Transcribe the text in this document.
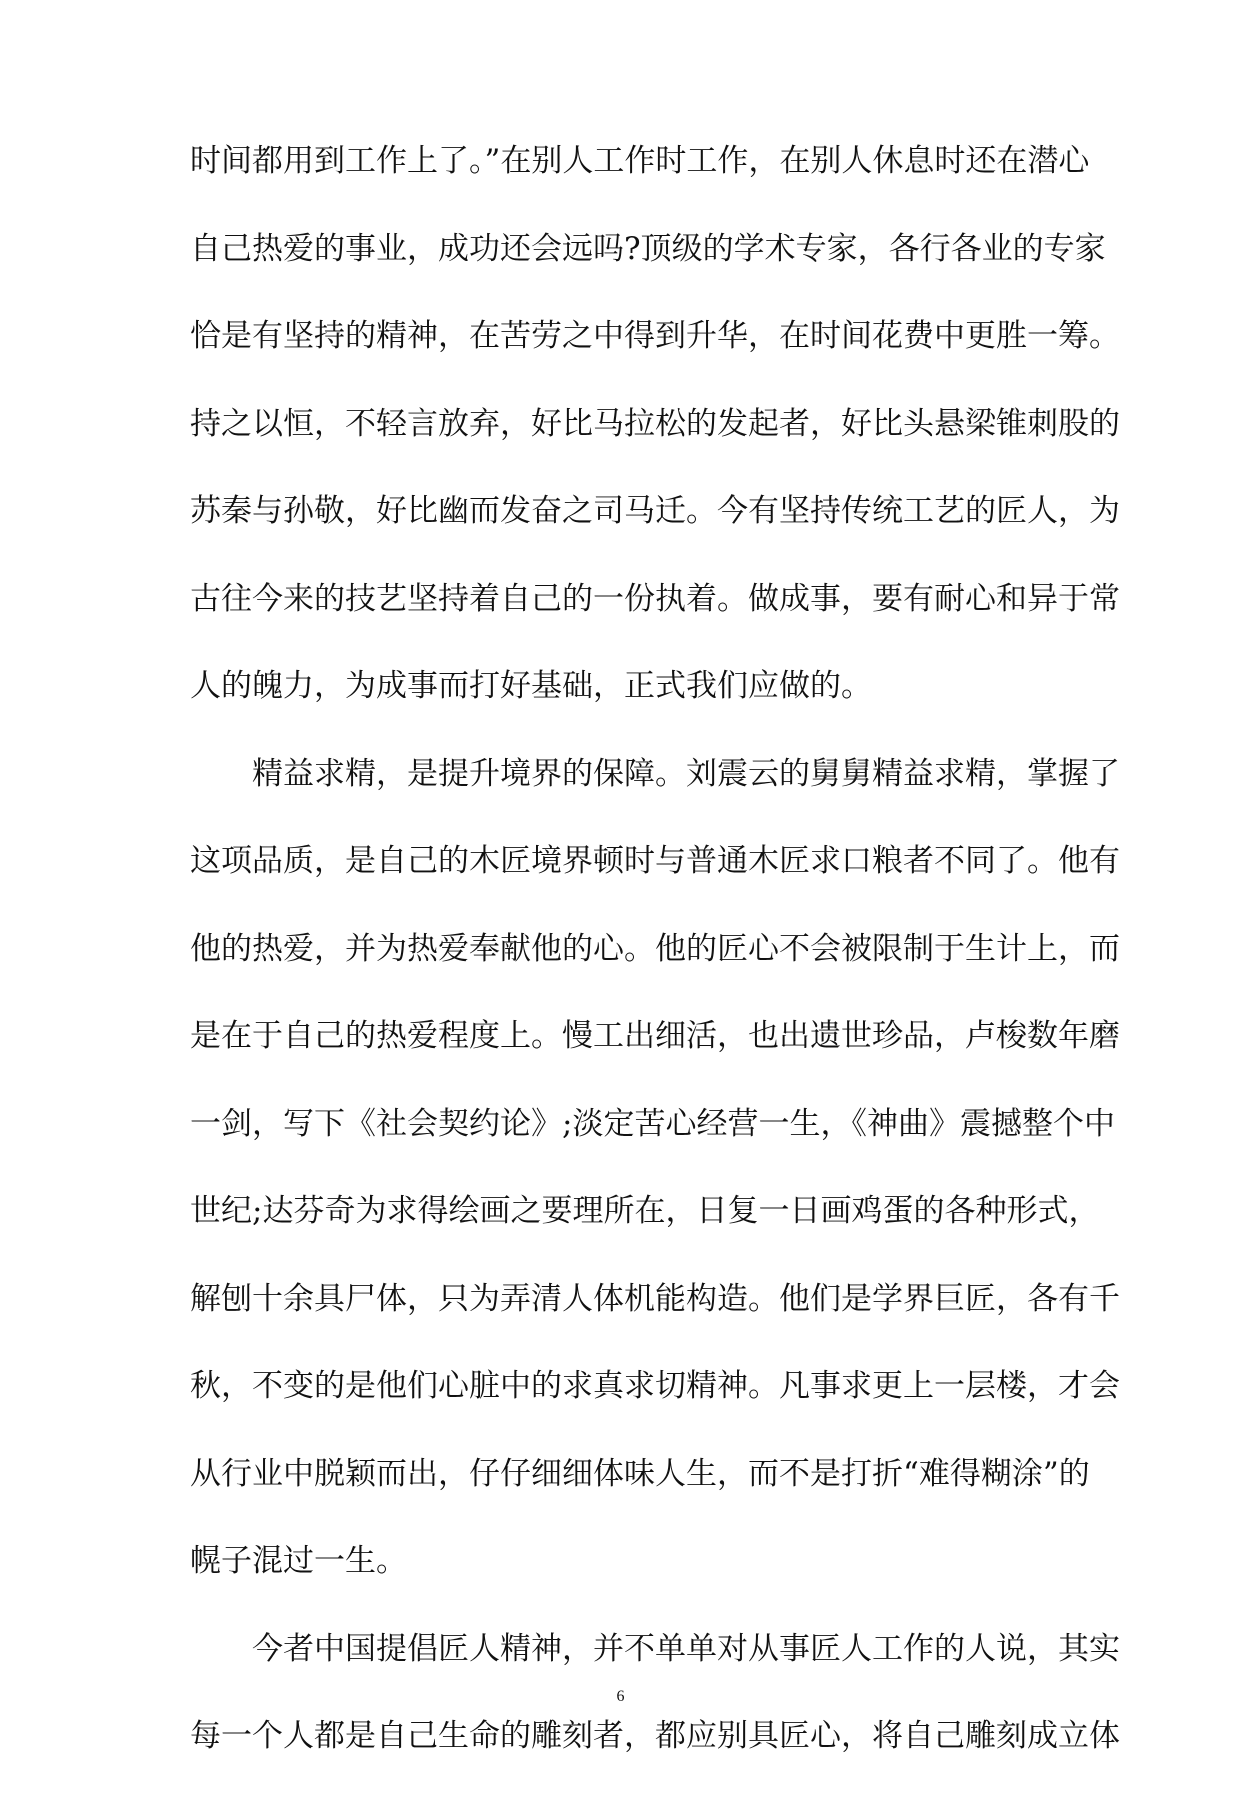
时间都用到工作上了。”在别人工作时工作，在别人休息时还在潜心
自己热爱的事业，成功还会远吗?顶级的学术专家，各行各业的专家
恰是有坚持的精神，在苦劳之中得到升华，在时间花费中更胜一筹。
持之以恒，不轻言放弃，好比马拉松的发起者，好比头悬梁锥刺股的
苏秦与孙敬，好比幽而发奋之司马迁。今有坚持传统工艺的匠人，为
古往今来的技艺坚持着自己的一份执着。做成事，要有耐心和异于常
人的魄力，为成事而打好基础，正式我们应做的。
精益求精，是提升境界的保障。刘震云的舅舅精益求精，掌握了
这项品质，是自己的木匠境界顿时与普通木匠求口粮者不同了。他有
他的热爱，并为热爱奉献他的心。他的匠心不会被限制于生计上，而
是在于自己的热爱程度上。慢工出细活，也出遗世珍品，卢梭数年磨
一剑，写下《社会契约论》;淡定苦心经营一生，《神曲》震撼整个中
世纪;达芬奇为求得绘画之要理所在，日复一日画鸡蛋的各种形式，
解刨十余具尸体，只为弄清人体机能构造。他们是学界巨匠，各有千
秋，不变的是他们心脏中的求真求切精神。凡事求更上一层楼，才会
从行业中脱颖而出，仔仔细细体味人生，而不是打折“难得糊涂”的
幌子混过一生。
今者中国提倡匠人精神，并不单单对从事匠人工作的人说，其实
每一个人都是自己生命的雕刻者，都应别具匠心，将自己雕刻成立体
6
